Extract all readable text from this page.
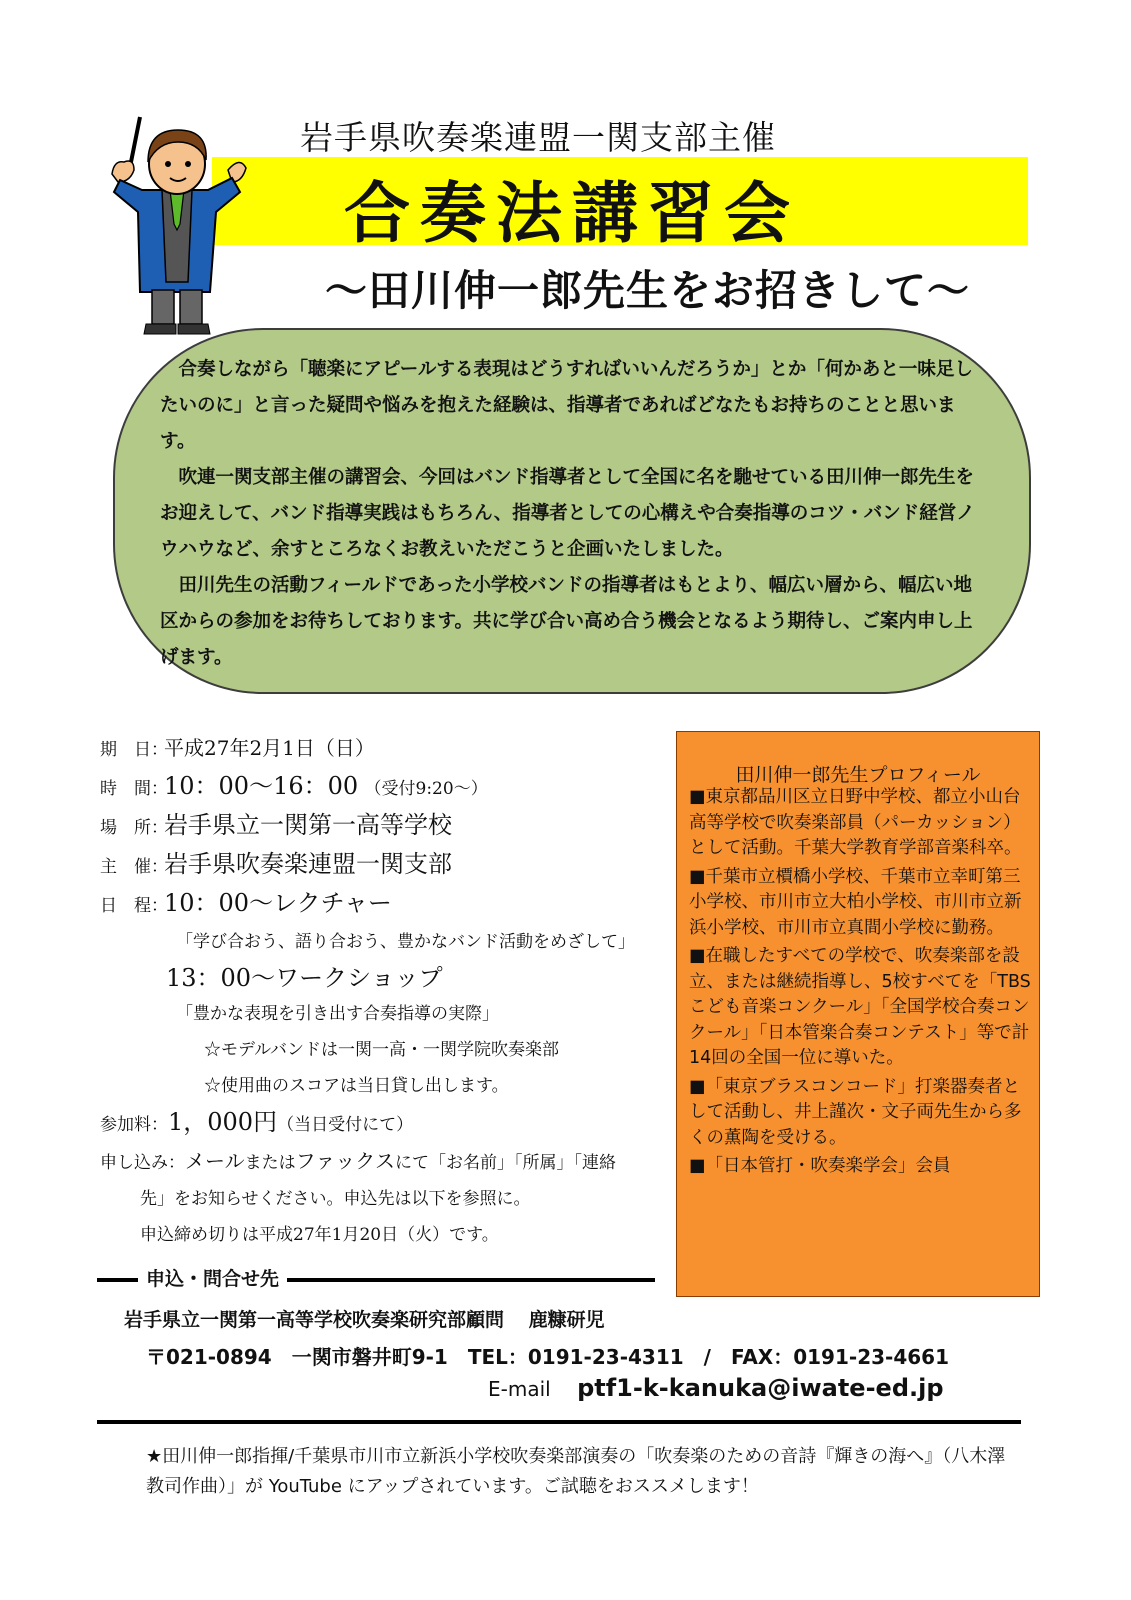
岩手県吹奏楽連盟一関支部主催
合奏法講習会
～田川伸一郎先生をお招きして～

合奏しながら「聴楽にアピールする表現はどうすればいいんだろうか」とか「何かあと一味足したいのに」と言った疑問や悩みを抱えた経験は、指導者であればどなたもお持ちのことと思います。

吹連一関支部主催の講習会、今回はバンド指導者として全国に名を馳せている田川伸一郎先生をお迎えして、バンド指導実践はもちろん、指導者としての心構えや合奏指導のコツ・バンド経営ノウハウなど、余すところなくお教えいただこうと企画いたしました。

田川先生の活動フィールドであった小学校バンドの指導者はもとより、幅広い層から、幅広い地区からの参加をお待ちしております。共に学び合い高め合う機会となるよう期待し、ご案内申し上げます。

期　日：平成27年2月1日（日）
時　間：10：00～16：00 （受付9:20～）
場　所：岩手県立一関第一高等学校
主　催：岩手県吹奏楽連盟一関支部
日　程：10：00～レクチャー
「学び合おう、語り合おう、豊かなバンド活動をめざして」
13：00～ワークショップ
「豊かな表現を引き出す合奏指導の実際」
☆モデルバンドは一関一高・一関学院吹奏楽部
☆使用曲のスコアは当日貸し出します。
参加料：1，000円（当日受付にて）
申し込み：メールまたはファックスにて「お名前」「所属」「連絡
先」をお知らせください。申込先は以下を参照に。
申込締め切りは平成27年1月20日（火）です。
田川伸一郎先生プロフィール

■東京都品川区立日野中学校、都立小山台高等学校で吹奏楽部員（パーカッション）として活動。千葉大学教育学部音楽科卒。

■千葉市立檟橋小学校、千葉市立幸町第三小学校、市川市立大柏小学校、市川市立新浜小学校、市川市立真間小学校に勤務。

■在職したすべての学校で、吹奏楽部を設立、または継続指導し、5校すべてを「TBSこども音楽コンクール」「全国学校合奏コンクール」「日本管楽合奏コンテスト」等で計14回の全国一位に導いた。

■「東京ブラスコンコード」打楽器奏者として活動し、井上謹次・文子両先生から多くの薫陶を受ける。

■「日本管打・吹奏楽学会」会員

申込・問合せ先
岩手県立一関第一高等学校吹奏楽研究部顧問 鹿糠研児
〒021-0894　一関市磐井町9-1　TEL：0191-23-4311　/　FAX：0191-23-4661
E-mail ptf1-k-kanuka@iwate-ed.jp
★田川伸一郎指揮/千葉県市川市立新浜小学校吹奏楽部演奏の「吹奏楽のための音詩『輝きの海へ』（八木澤教司作曲）」が YouTube にアップされています。ご試聴をおススメします！
